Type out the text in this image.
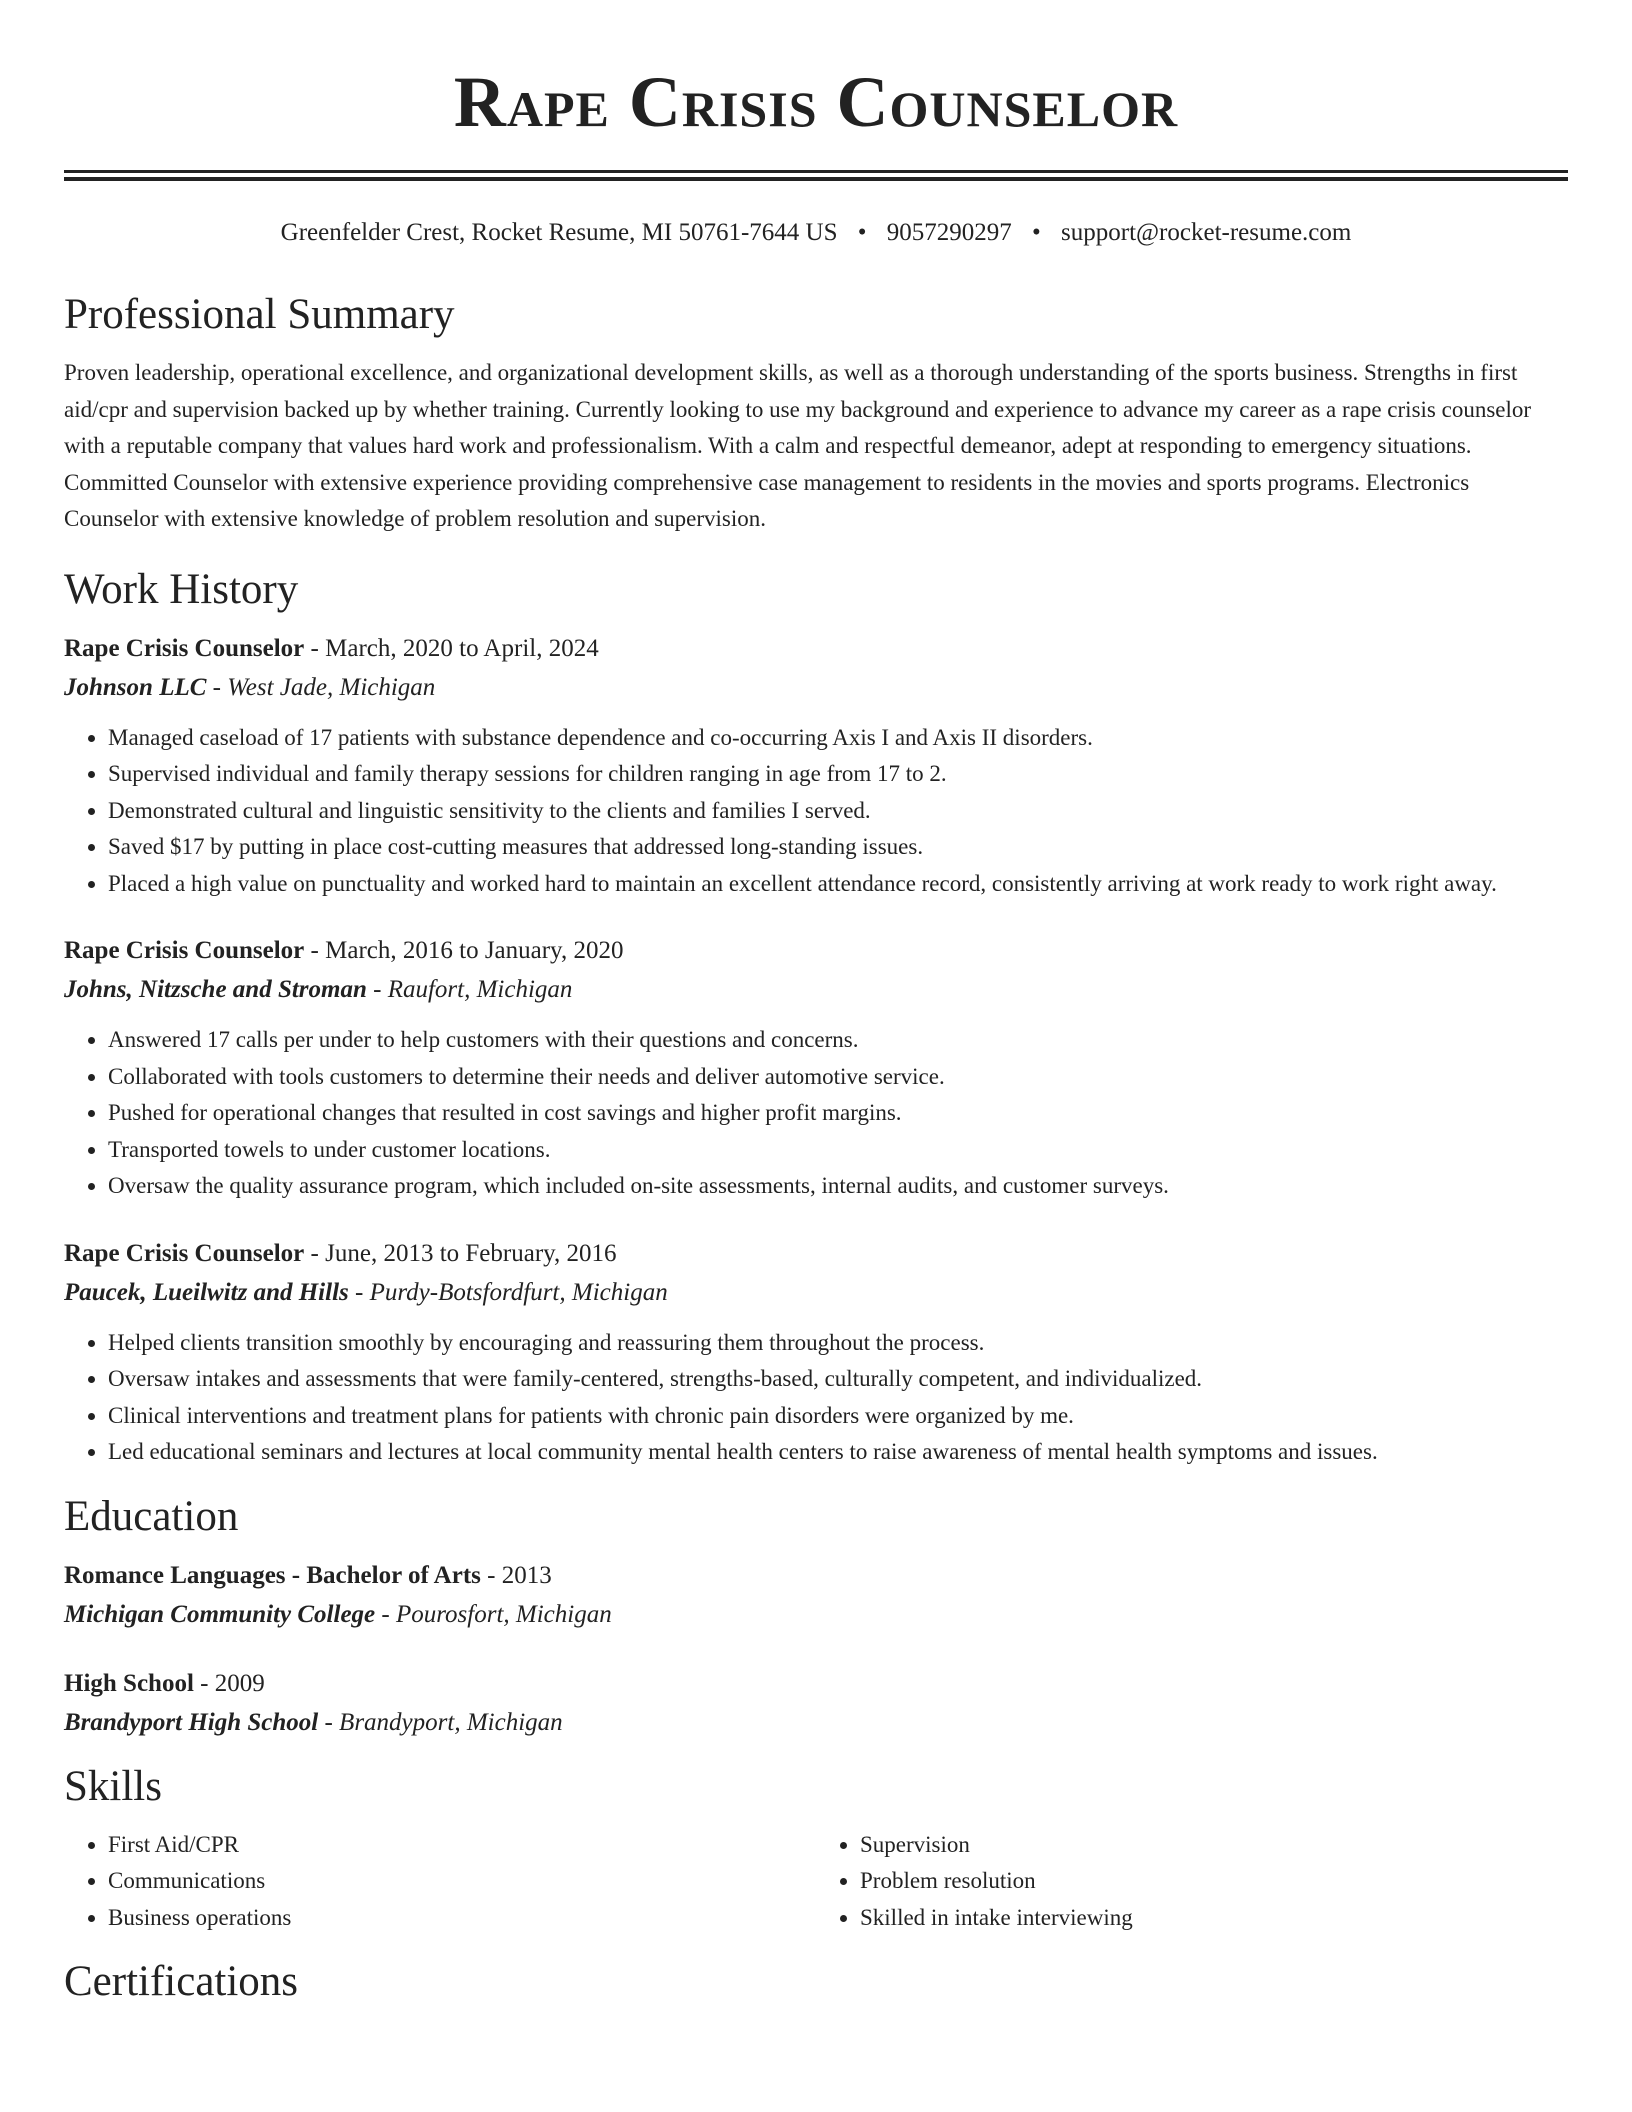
Rape Crisis Counselor
Greenfelder Crest, Rocket Resume, MI 50761-7644 US • 9057290297 • support@rocket-resume.com
Professional Summary

Proven leadership, operational excellence, and organizational development skills, as well as a thorough understanding of the sports business. Strengths in first aid/cpr and supervision backed up by whether training. Currently looking to use my background and experience to advance my career as a rape crisis counselor with a reputable company that values hard work and professionalism. With a calm and respectful demeanor, adept at responding to emergency situations. Committed Counselor with extensive experience providing comprehensive case management to residents in the movies and sports programs. Electronics Counselor with extensive knowledge of problem resolution and supervision.

Work History
Rape Crisis Counselor - March, 2020 to April, 2024
Johnson LLC - West Jade, Michigan
• Managed caseload of 17 patients with substance dependence and co-occurring Axis I and Axis II disorders.
• Supervised individual and family therapy sessions for children ranging in age from 17 to 2.
• Demonstrated cultural and linguistic sensitivity to the clients and families I served.
• Saved $17 by putting in place cost-cutting measures that addressed long-standing issues.
• Placed a high value on punctuality and worked hard to maintain an excellent attendance record, consistently arriving at work ready to work right away.
Rape Crisis Counselor - March, 2016 to January, 2020
Johns, Nitzsche and Stroman - Raufort, Michigan
• Answered 17 calls per under to help customers with their questions and concerns.
• Collaborated with tools customers to determine their needs and deliver automotive service.
• Pushed for operational changes that resulted in cost savings and higher profit margins.
• Transported towels to under customer locations.
• Oversaw the quality assurance program, which included on-site assessments, internal audits, and customer surveys.
Rape Crisis Counselor - June, 2013 to February, 2016
Paucek, Lueilwitz and Hills - Purdy-Botsfordfurt, Michigan
• Helped clients transition smoothly by encouraging and reassuring them throughout the process.
• Oversaw intakes and assessments that were family-centered, strengths-based, culturally competent, and individualized.
• Clinical interventions and treatment plans for patients with chronic pain disorders were organized by me.
• Led educational seminars and lectures at local community mental health centers to raise awareness of mental health symptoms and issues.
Education
Romance Languages - Bachelor of Arts - 2013
Michigan Community College - Pourosfort, Michigan
High School - 2009
Brandyport High School - Brandyport, Michigan
Skills
• First Aid/CPR
• Communications
• Business operations
• Supervision
• Problem resolution
• Skilled in intake interviewing
Certifications
